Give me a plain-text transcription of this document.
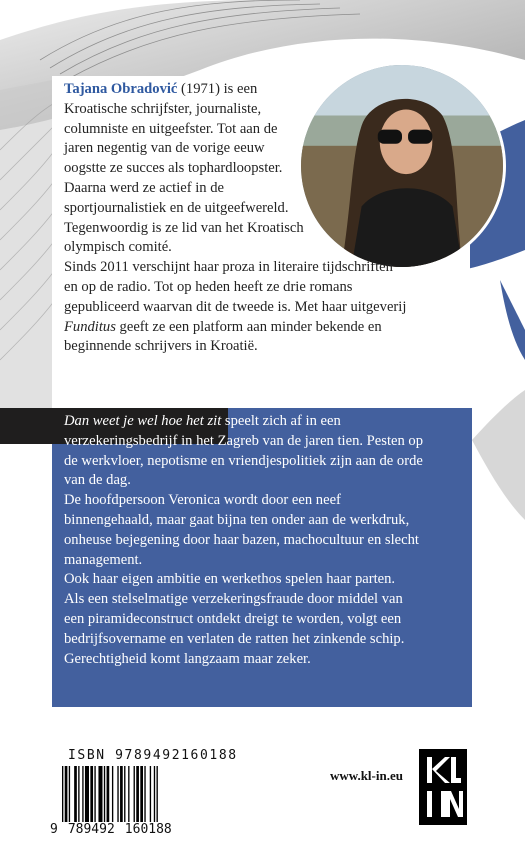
Tajana Obradović (1971) is een

Kroatische schrijfster, journaliste,

columniste en uitgeefster. Tot aan de

jaren negentig van de vorige eeuw

oogstte ze succes als tophardloopster.

Daarna werd ze actief in de

sportjournalistiek en de uitgeefwereld.

Tegenwoordig is ze lid van het Kroatisch

olympisch comité.

Sinds 2011 verschijnt haar proza in literaire tijdschriften

en op de radio. Tot op heden heeft ze drie romans

gepubliceerd waarvan dit de tweede is. Met haar uitgeverij

Funditus geeft ze een platform aan minder bekende en

beginnende schrijvers in Kroatië.

Dan weet je wel hoe het zit speelt zich af in een

verzekeringsbedrijf in het Zagreb van de jaren tien. Pesten op

de werkvloer, nepotisme en vriendjespolitiek zijn aan de orde

van de dag.

De hoofdpersoon Veronica wordt door een neef

binnengehaald, maar gaat bijna ten onder aan de werkdruk,

onheuse bejegening door haar bazen, machocultuur en slecht

management.

Ook haar eigen ambitie en werkethos spelen haar parten.

Als een stelselmatige verzekeringsfraude door middel van

een piramideconstruct ontdekt dreigt te worden, volgt een

bedrijfsovername en verlaten de ratten het zinkende schip.

Gerechtigheid komt langzaam maar zeker.

ISBN 9789492160188
9 789492 160188
www.kl-in.eu
